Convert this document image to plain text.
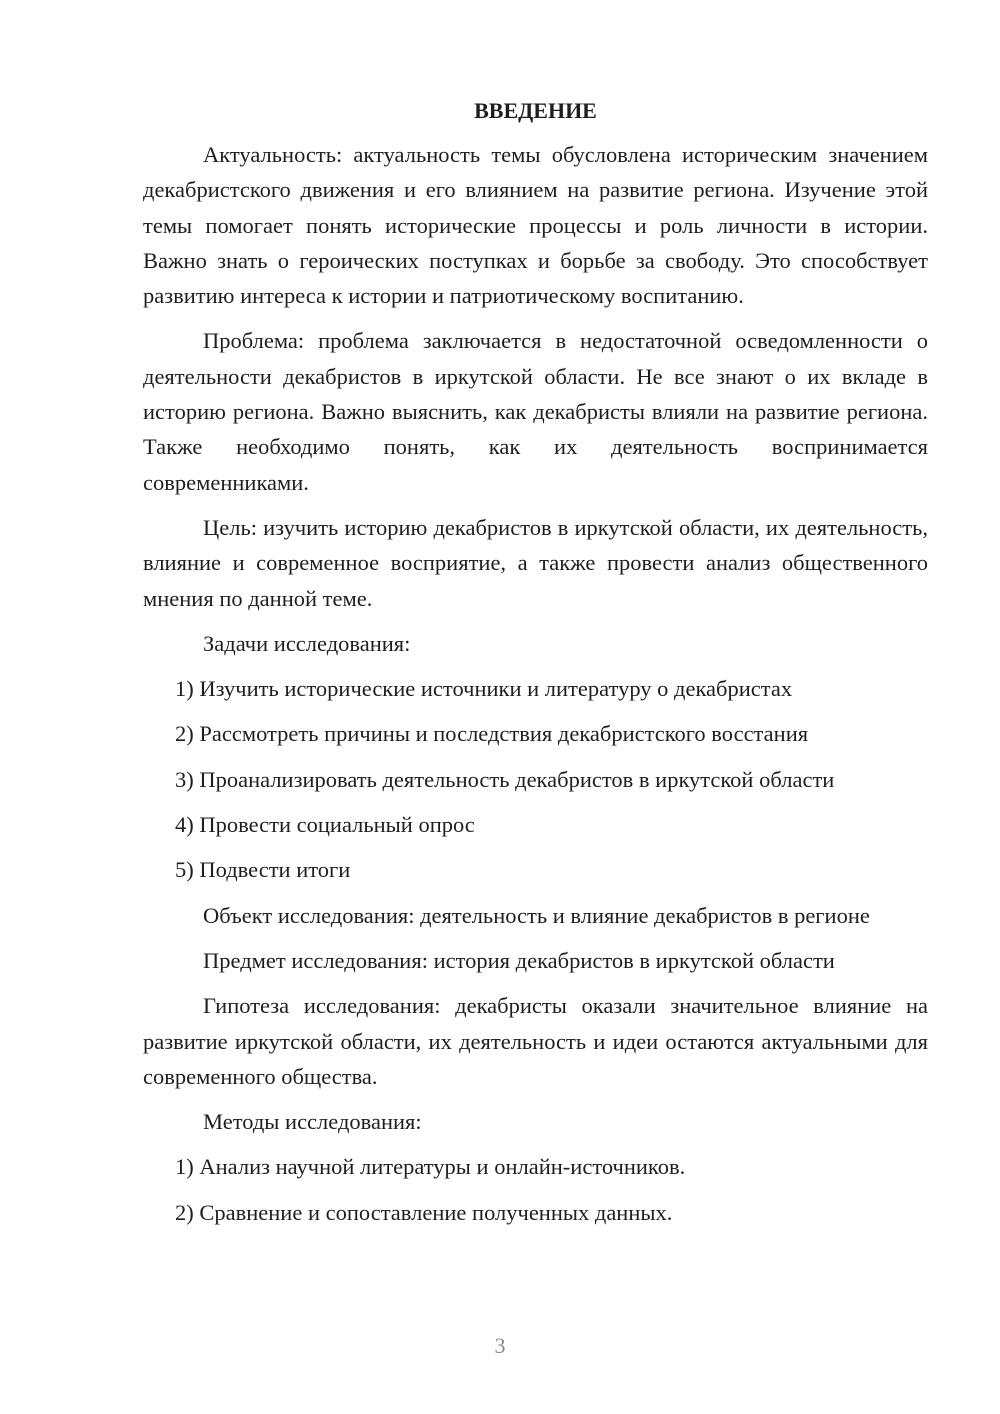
ВВЕДЕНИЕ

Актуальность: актуальность темы обусловлена историческим значением декабристского движения и его влиянием на развитие региона. Изучение этой темы помогает понять исторические процессы и роль личности в истории. Важно знать о героических поступках и борьбе за свободу. Это способствует развитию интереса к истории и патриотическому воспитанию.

Проблема: проблема заключается в недостаточной осведомленности о деятельности декабристов в иркутской области. Не все знают о их вкладе в историю региона. Важно выяснить, как декабристы влияли на развитие региона. Также необходимо понять, как их деятельность воспринимается современниками.

Цель: изучить историю декабристов в иркутской области, их деятельность, влияние и современное восприятие, а также провести анализ общественного мнения по данной теме.

Задачи исследования:

1) Изучить исторические источники и литературу о декабристах
2) Рассмотреть причины и последствия декабристского восстания
3) Проанализировать деятельность декабристов в иркутской области
4) Провести социальный опрос
5) Подвести итоги

Объект исследования: деятельность и влияние декабристов в регионе

Предмет исследования: история декабристов в иркутской области

Гипотеза исследования: декабристы оказали значительное влияние на развитие иркутской области, их деятельность и идеи остаются актуальными для современного общества.

Методы исследования:

1) Анализ научной литературы и онлайн-источников.
2) Сравнение и сопоставление полученных данных.
3
